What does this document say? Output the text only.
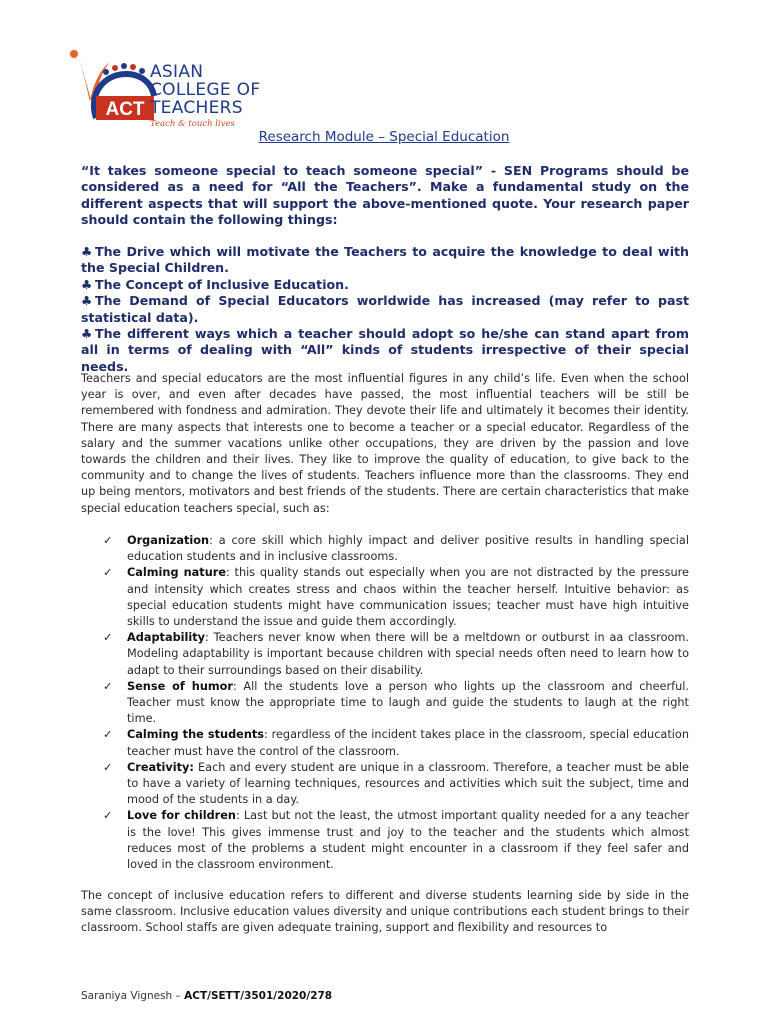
ACT
ASIAN
COLLEGE OF
TEACHERS
Teach & touch lives
Research Module – Special Education

“It takes someone special to teach someone special” - SEN Programs should be considered as a need for “All the Teachers”. Make a fundamental study on the different aspects that will support the above-mentioned quote. Your research paper should contain the following things:

♣ The Drive which will motivate the Teachers to acquire the knowledge to deal with the Special Children.
♣ The Concept of Inclusive Education.
♣ The Demand of Special Educators worldwide has increased (may refer to past statistical data).
♣ The different ways which a teacher should adopt so he/she can stand apart from all in terms of dealing with “All” kinds of students irrespective of their special needs.

Teachers and special educators are the most influential figures in any child’s life. Even when the school year is over, and even after decades have passed, the most influential teachers will be still be remembered with fondness and admiration. They devote their life and ultimately it becomes their identity. There are many aspects that interests one to become a teacher or a special educator. Regardless of the salary and the summer vacations unlike other occupations, they are driven by the passion and love towards the children and their lives. They like to improve the quality of education, to give back to the community and to change the lives of students. Teachers influence more than the classrooms. They end up being mentors, motivators and best friends of the students. There are certain characteristics that make special education teachers special, such as:

✓	Organization: a core skill which highly impact and deliver positive results in handling special education students and in inclusive classrooms.
✓	Calming nature: this quality stands out especially when you are not distracted by the pressure and intensity which creates stress and chaos within the teacher herself. Intuitive behavior: as special education students might have communication issues; teacher must have high intuitive skills to understand the issue and guide them accordingly.
✓	Adaptability: Teachers never know when there will be a meltdown or outburst in aa classroom. Modeling adaptability is important because children with special needs often need to learn how to adapt to their surroundings based on their disability.
✓	Sense of humor: All the students love a person who lights up the classroom and cheerful. Teacher must know the appropriate time to laugh and guide the students to laugh at the right time.
✓	Calming the students: regardless of the incident takes place in the classroom, special education teacher must have the control of the classroom.
✓	Creativity: Each and every student are unique in a classroom. Therefore, a teacher must be able to have a variety of learning techniques, resources and activities which suit the subject, time and mood of the students in a day.
✓	Love for children: Last but not the least, the utmost important quality needed for a any teacher is the love! This gives immense trust and joy to the teacher and the students which almost reduces most of the problems a student might encounter in a classroom if they feel safer and loved in the classroom environment.

The concept of inclusive education refers to different and diverse students learning side by side in the same classroom. Inclusive education values diversity and unique contributions each student brings to their classroom. School staffs are given adequate training, support and flexibility and resources to

Saraniya Vignesh – ACT/SETT/3501/2020/278
